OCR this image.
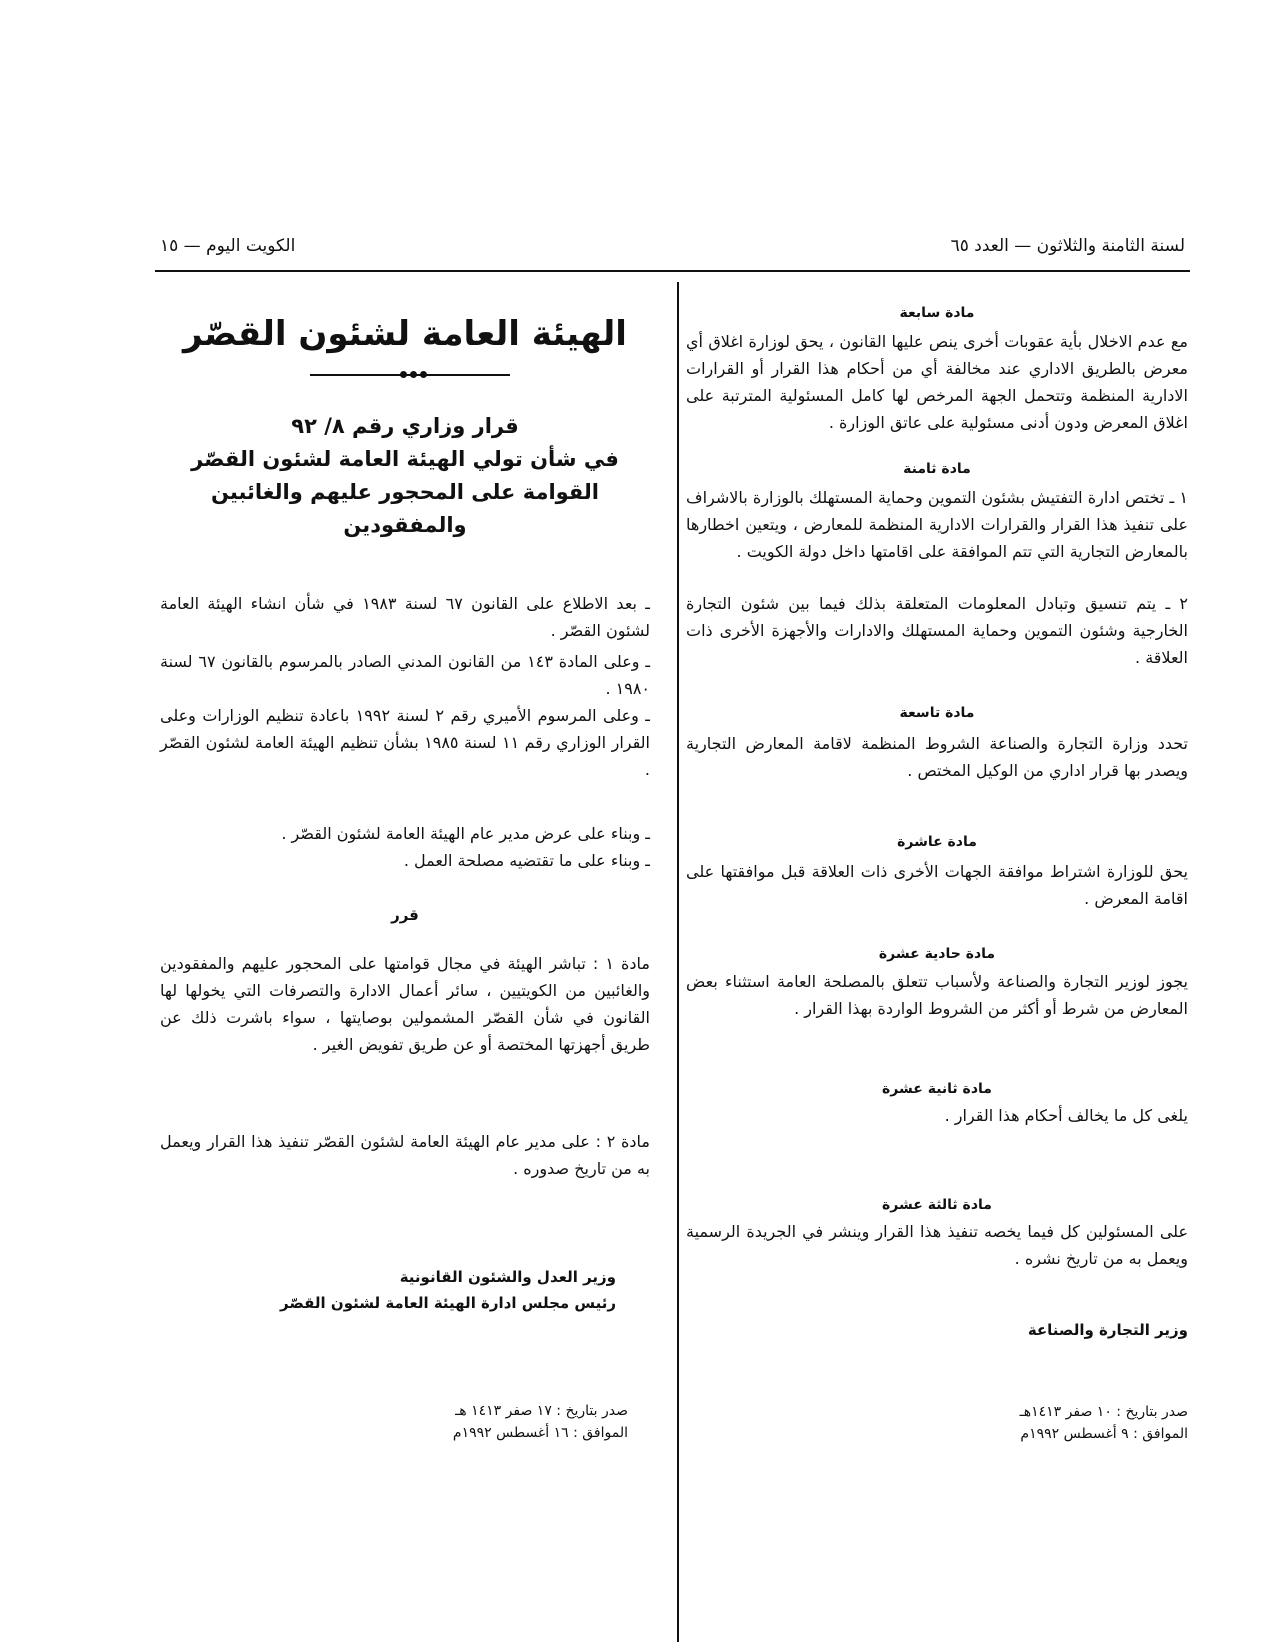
الكويت اليوم — ١٥	لسنة الثامنة والثلاثون — العدد ٦٥
مادة سابعة

مع عدم الاخلال بأية عقوبات أخرى ينص عليها القانون ، يحق لوزارة اغلاق أي معرض بالطريق الاداري عند مخالفة أي من أحكام هذا القرار أو القرارات الادارية المنظمة وتتحمل الجهة المرخص لها كامل المسئولية المترتبة على اغلاق المعرض ودون أدنى مسئولية على عاتق الوزارة .

مادة ثامنة

١ ـ تختص ادارة التفتيش بشئون التموين وحماية المستهلك بالوزارة بالاشراف على تنفيذ هذا القرار والقرارات الادارية المنظمة للمعارض ، ويتعين اخطارها بالمعارض التجارية التي تتم الموافقة على اقامتها داخل دولة الكويت .

٢ ـ يتم تنسيق وتبادل المعلومات المتعلقة بذلك فيما بين شئون التجارة الخارجية وشئون التموين وحماية المستهلك والادارات والأجهزة الأخرى ذات العلاقة .

مادة تاسعة

تحدد وزارة التجارة والصناعة الشروط المنظمة لاقامة المعارض التجارية ويصدر بها قرار اداري من الوكيل المختص .

مادة عاشرة

يحق للوزارة اشتراط موافقة الجهات الأخرى ذات العلاقة قبل موافقتها على اقامة المعرض .

مادة حادية عشرة

يجوز لوزير التجارة والصناعة ولأسباب تتعلق بالمصلحة العامة استثناء بعض المعارض من شرط أو أكثر من الشروط الواردة بهذا القرار .

مادة ثانية عشرة

يلغى كل ما يخالف أحكام هذا القرار .

مادة ثالثة عشرة

على المسئولين كل فيما يخصه تنفيذ هذا القرار وينشر في الجريدة الرسمية ويعمل به من تاريخ نشره .

وزير التجارة والصناعة
صدر بتاريخ : ١٠ صفر ١٤١٣هـ
الموافق : ٩ أغسطس ١٩٩٢م
الهيئة العامة لشئون القصّر
قرار وزاري رقم ٨/ ٩٢
في شأن تولي الهيئة العامة لشئون القصّر
القوامة على المحجور عليهم والغائبين والمفقودين

ـ بعد الاطلاع على القانون ٦٧ لسنة ١٩٨٣ في شأن انشاء الهيئة العامة لشئون القصّر .

ـ وعلى المادة ١٤٣ من القانون المدني الصادر بالمرسوم بالقانون ٦٧ لسنة ١٩٨٠ .

ـ وعلى المرسوم الأميري رقم ٢ لسنة ١٩٩٢ باعادة تنظيم الوزارات وعلى القرار الوزاري رقم ١١ لسنة ١٩٨٥ بشأن تنظيم الهيئة العامة لشئون القصّر .

ـ وبناء على عرض مدير عام الهيئة العامة لشئون القصّر .

ـ وبناء على ما تقتضيه مصلحة العمل .

قرر

مادة ١ : تباشر الهيئة في مجال قوامتها على المحجور عليهم والمفقودين والغائبين من الكويتيين ، سائر أعمال الادارة والتصرفات التي يخولها لها القانون في شأن القصّر المشمولين بوصايتها ، سواء باشرت ذلك عن طريق أجهزتها المختصة أو عن طريق تفويض الغير .

مادة ٢ : على مدير عام الهيئة العامة لشئون القصّر تنفيذ هذا القرار ويعمل به من تاريخ صدوره .

وزير العدل والشئون القانونية
رئيس مجلس ادارة الهيئة العامة لشئون القصّر
صدر بتاريخ : ١٧ صفر ١٤١٣ هـ
الموافق : ١٦ أغسطس ١٩٩٢م
